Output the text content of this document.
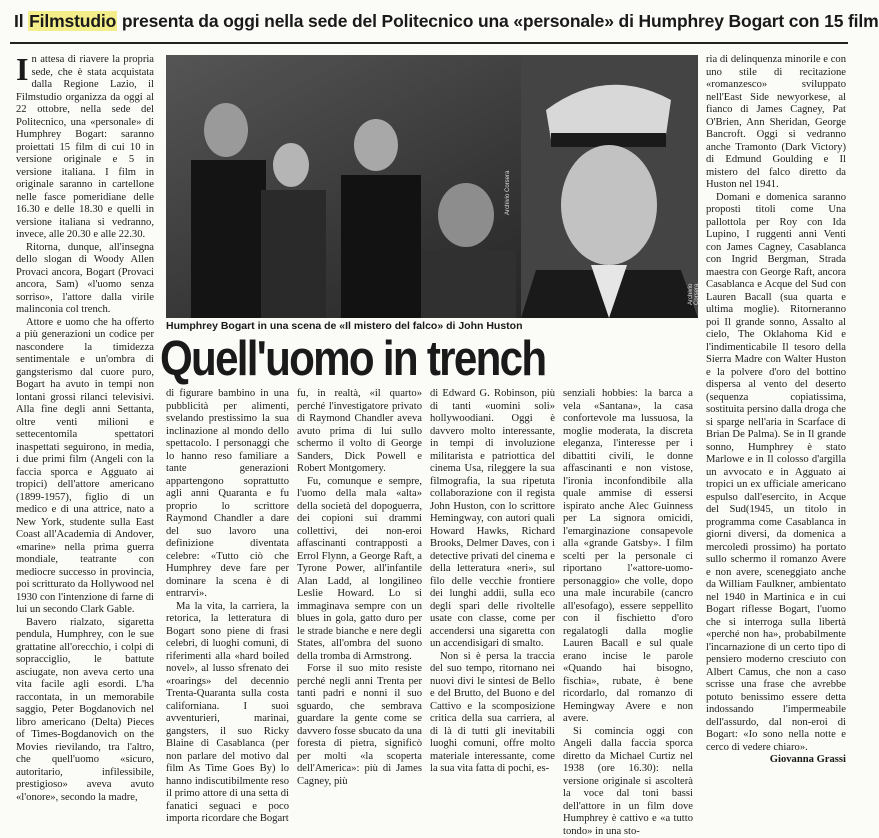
Il Filmstudio presenta da oggi nella sede del Politecnico una «personale» di Humphrey Bogart con 15 film

In attesa di riavere la propria sede, che è stata acquistata dalla Regione Lazio, il Filmstudio organizza da oggi al 22 ottobre, nella sede del Politecnico, una «personale» di Humphrey Bogart: saranno proiettati 15 film di cui 10 in versione originale e 5 in versione italiana. I film in originale saranno in cartellone nelle fasce pomeridiane delle 16.30 e delle 18.30 e quelli in versione italiana si vedranno, invece, alle 20.30 e alle 22.30.

Ritorna, dunque, all'insegna dello slogan di Woody Allen Provaci ancora, Bogart (Provaci ancora, Sam) «l'uomo senza sorriso», l'attore dalla virile malinconia col trench.

Attore e uomo che ha offerto a più generazioni un codice per nascondere la timidezza sentimentale e un'ombra di gangsterismo dal cuore puro, Bogart ha avuto in tempi non lontani grossi rilanci televisivi. Alla fine degli anni Settanta, oltre venti milioni e settecentomila spettatori inaspettati seguirono, in media, i due primi film (Angeli con la faccia sporca e Agguato ai tropici) dell'attore americano (1899-1957), figlio di un medico e di una attrice, nato a New York, studente sulla East Coast all'Academia di Andover, «marine» nella prima guerra mondiale, teatrante con mediocre successo in provincia, poi scritturato da Hollywood nel 1930 con l'intenzione di farne di lui un secondo Clark Gable.

Bavero rialzato, sigaretta pendula, Humphrey, con le sue grattatine all'orecchio, i colpi di sopracciglio, le battute asciugate, non aveva certo una vita facile agli esordi. L'ha raccontata, in un memorabile saggio, Peter Bogdanovich nel libro americano (Delta) Pieces of Times-Bogdanovich on the Movies rievilando, tra l'altro, che quell'uomo «sicuro, autoritario, infilessibile, prestigioso» aveva avuto «l'onore», secondo la madre,

Archivio Corsera
Archivio Corsera
Humphrey Bogart in una scena de «Il mistero del falco» di John Huston
Quell'uomo in trench

di figurare bambino in una pubblicità per alimenti, svelando prestissimo la sua inclinazione al mondo dello spettacolo. I personaggi che lo hanno reso familiare a tante generazioni appartengono soprattutto agli anni Quaranta e fu proprio lo scrittore Raymond Chandler a dare del suo lavoro una definizione diventata celebre: «Tutto ciò che Humphrey deve fare per dominare la scena è di entrarvi».

Ma la vita, la carriera, la retorica, la letteratura di Bogart sono piene di frasi celebri, di luoghi comuni, di riferimenti alla «hard boiled novel», al lusso sfrenato dei «roarings» del decennio Trenta-Quaranta sulla costa californiana. I suoi avventurieri, marinai, gangsters, il suo Ricky Blaine di Casablanca (per non parlare del motivo dal film As Time Goes By) lo hanno indiscutibilmente reso il primo attore di una setta di fanatici seguaci e poco importa ricordare che Bogart

fu, in realtà, «il quarto» perché l'investigatore privato di Raymond Chandler aveva avuto prima di lui sullo schermo il volto di George Sanders, Dick Powell e Robert Montgomery.

Fu, comunque e sempre, l'uomo della mala «alta» della società del dopoguerra, dei copioni sui drammi collettivi, dei non-eroi affascinanti contrapposti a Errol Flynn, a George Raft, a Tyrone Power, all'infantile Alan Ladd, al longilineo Leslie Howard. Lo si immaginava sempre con un blues in gola, gatto duro per le strade bianche e nere degli States, all'ombra del suono della tromba di Armstrong.

Forse il suo mito resiste perché negli anni Trenta per tanti padri e nonni il suo sguardo, che sembrava guardare la gente come se davvero fosse sbucato da una foresta di pietra, significò per molti «la scoperta dell'America»: più di James Cagney, più

di Edward G. Robinson, più di tanti «uomini soli» hollywoodiani. Oggi è davvero molto interessante, in tempi di involuzione militarista e patriottica del cinema Usa, rileggere la sua filmografia, la sua ripetuta collaborazione con il regista John Huston, con lo scrittore Hemingway, con autori quali Howard Hawks, Richard Brooks, Delmer Daves, con i detective privati del cinema e della letteratura «neri», sul filo delle vecchie frontiere dei lunghi addii, sulla eco degli spari delle rivoltelle usate con classe, come per accendersi una sigaretta con un accendisigari di smalto.

Non si è persa la traccia del suo tempo, ritornano nei nuovi divi le sintesi de Bello e del Brutto, del Buono e del Cattivo e la scomposizione critica della sua carriera, al di là di tutti gli inevitabili luoghi comuni, offre molto materiale interessante, come la sua vita fatta di pochi, es-

senziali hobbies: la barca a vela «Santana», la casa confortevole ma lussuosa, la moglie moderata, la discreta eleganza, l'interesse per i dibattiti civili, le donne affascinanti e non vistose, l'ironia inconfondibile alla quale ammise di essersi ispirato anche Alec Guinness per La signora omicidi, l'emarginazione consapevole alla «grande Gatsby». I film scelti per la personale ci riportano l'«attore-uomo-personaggio» che volle, dopo una male incurabile (cancro all'esofago), essere seppellito con il fischietto d'oro regalatogli dalla moglie Lauren Bacall e sul quale erano incise le parole «Quando hai bisogno, fischia», rubate, è bene ricordarlo, dal romanzo di Hemingway Avere e non avere.

Si comincia oggi con Angeli dalla faccia sporca diretto da Michael Curtiz nel 1938 (ore 16.30): nella versione originale si ascolterà la voce dal toni bassi dell'attore in un film dove Humphrey è cattivo e «a tutto tondo» in una sto-

ria di delinquenza minorile e con uno stile di recitazione «romanzesco» sviluppato nell'East Side newyorkese, al fianco di James Cagney, Pat O'Brien, Ann Sheridan, George Bancroft. Oggi si vedranno anche Tramonto (Dark Victory) di Edmund Goulding e Il mistero del falco diretto da Huston nel 1941.

Domani e domenica saranno proposti titoli come Una pallottola per Roy con Ida Lupino, I ruggenti anni Venti con James Cagney, Casablanca con Ingrid Bergman, Strada maestra con George Raft, ancora Casablanca e Acque del Sud con Lauren Bacall (sua quarta e ultima moglie). Ritorneranno poi Il grande sonno, Assalto al cielo, The Oklahoma Kid e l'indimenticabile Il tesoro della Sierra Madre con Walter Huston e la polvere d'oro del bottino dispersa al vento del deserto (sequenza copiatissima, sostituita persino dalla droga che si sparge nell'aria in Scarface di Brian De Palma). Se in Il grande sonno, Humphrey è stato Marlowe e in Il colosso d'argilla un avvocato e in Agguato ai tropici un ex ufficiale americano espulso dall'esercito, in Acque del Sud(1945, un titolo in programma come Casablanca in giorni diversi, da domenica a mercoledì prossimo) ha portato sullo schermo il romanzo Avere e non avere, sceneggiato anche da William Faulkner, ambientato nel 1940 in Martinica e in cui Bogart riflesse Bogart, l'uomo che si interroga sulla libertà «perché non ha», probabilmente l'incarnazione di un certo tipo di pensiero moderno cresciuto con Albert Camus, che non a caso scrisse una frase che avrebbe potuto benissimo essere detta indossando l'impermeabile dell'assurdo, dal non-eroi di Bogart: «Io sono nella notte e cerco di vedere chiaro».

Giovanna Grassi
